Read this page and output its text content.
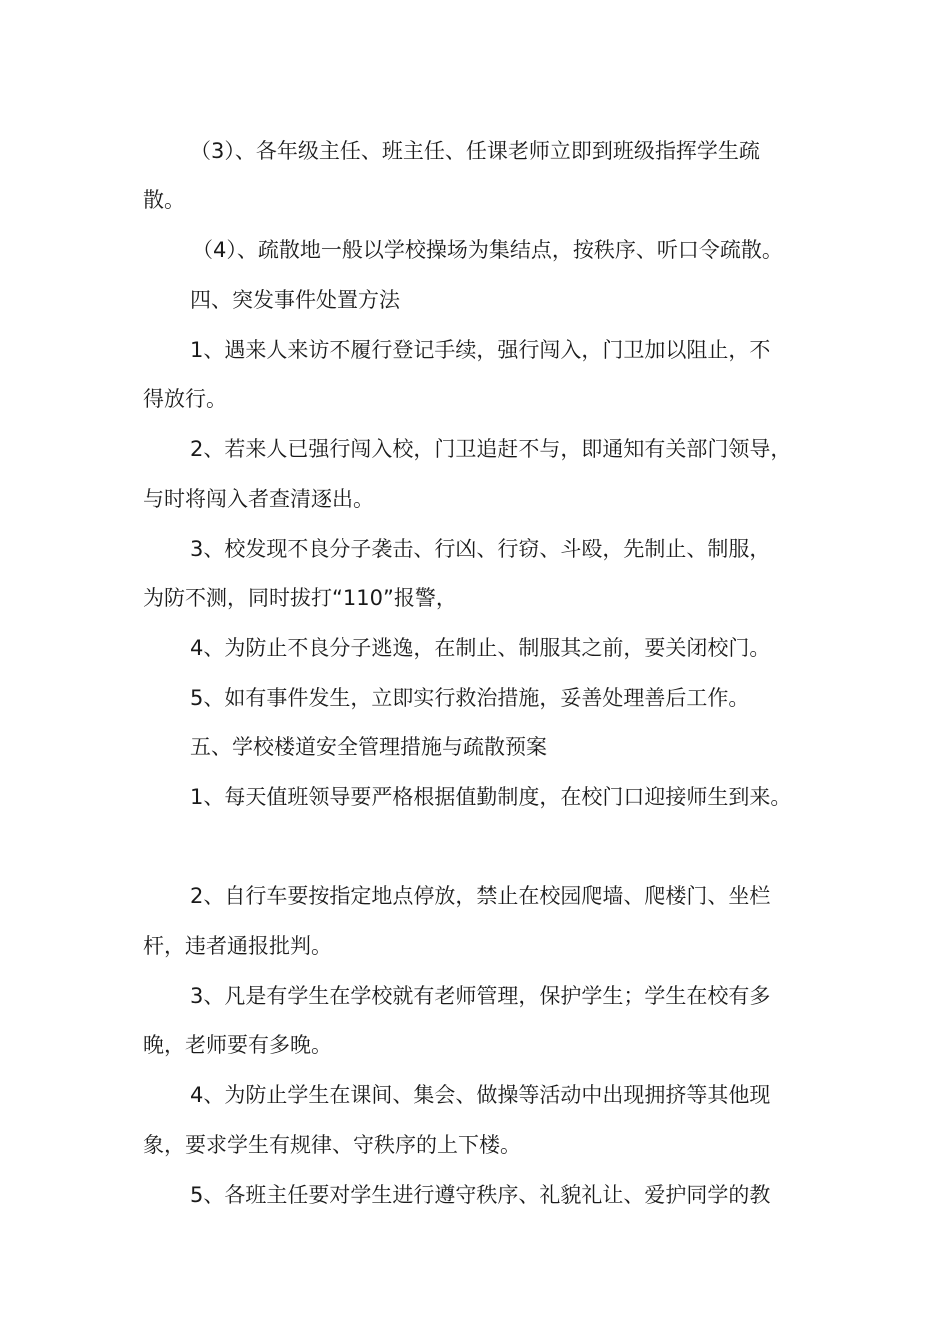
（3）、各年级主任、班主任、任课老师立即到班级指挥学生疏
散。
（4）、疏散地一般以学校操场为集结点，按秩序、听口令疏散。
四、突发事件处置方法
1、遇来人来访不履行登记手续，强行闯入，门卫加以阻止，不
得放行。
2、若来人已强行闯入校，门卫追赶不与，即通知有关部门领导，
与时将闯入者查清逐出。
3、校发现不良分子袭击、行凶、行窃、斗殴，先制止、制服，
为防不测，同时拔打“110”报警，
4、为防止不良分子逃逸，在制止、制服其之前，要关闭校门。
5、如有事件发生，立即实行救治措施，妥善处理善后工作。
五、学校楼道安全管理措施与疏散预案
1、每天值班领导要严格根据值勤制度，在校门口迎接师生到来。
2、自行车要按指定地点停放，禁止在校园爬墙、爬楼门、坐栏
杆，违者通报批判。
3、凡是有学生在学校就有老师管理，保护学生；学生在校有多
晚，老师要有多晚。
4、为防止学生在课间、集会、做操等活动中出现拥挤等其他现
象，要求学生有规律、守秩序的上下楼。
5、各班主任要对学生进行遵守秩序、礼貌礼让、爱护同学的教
